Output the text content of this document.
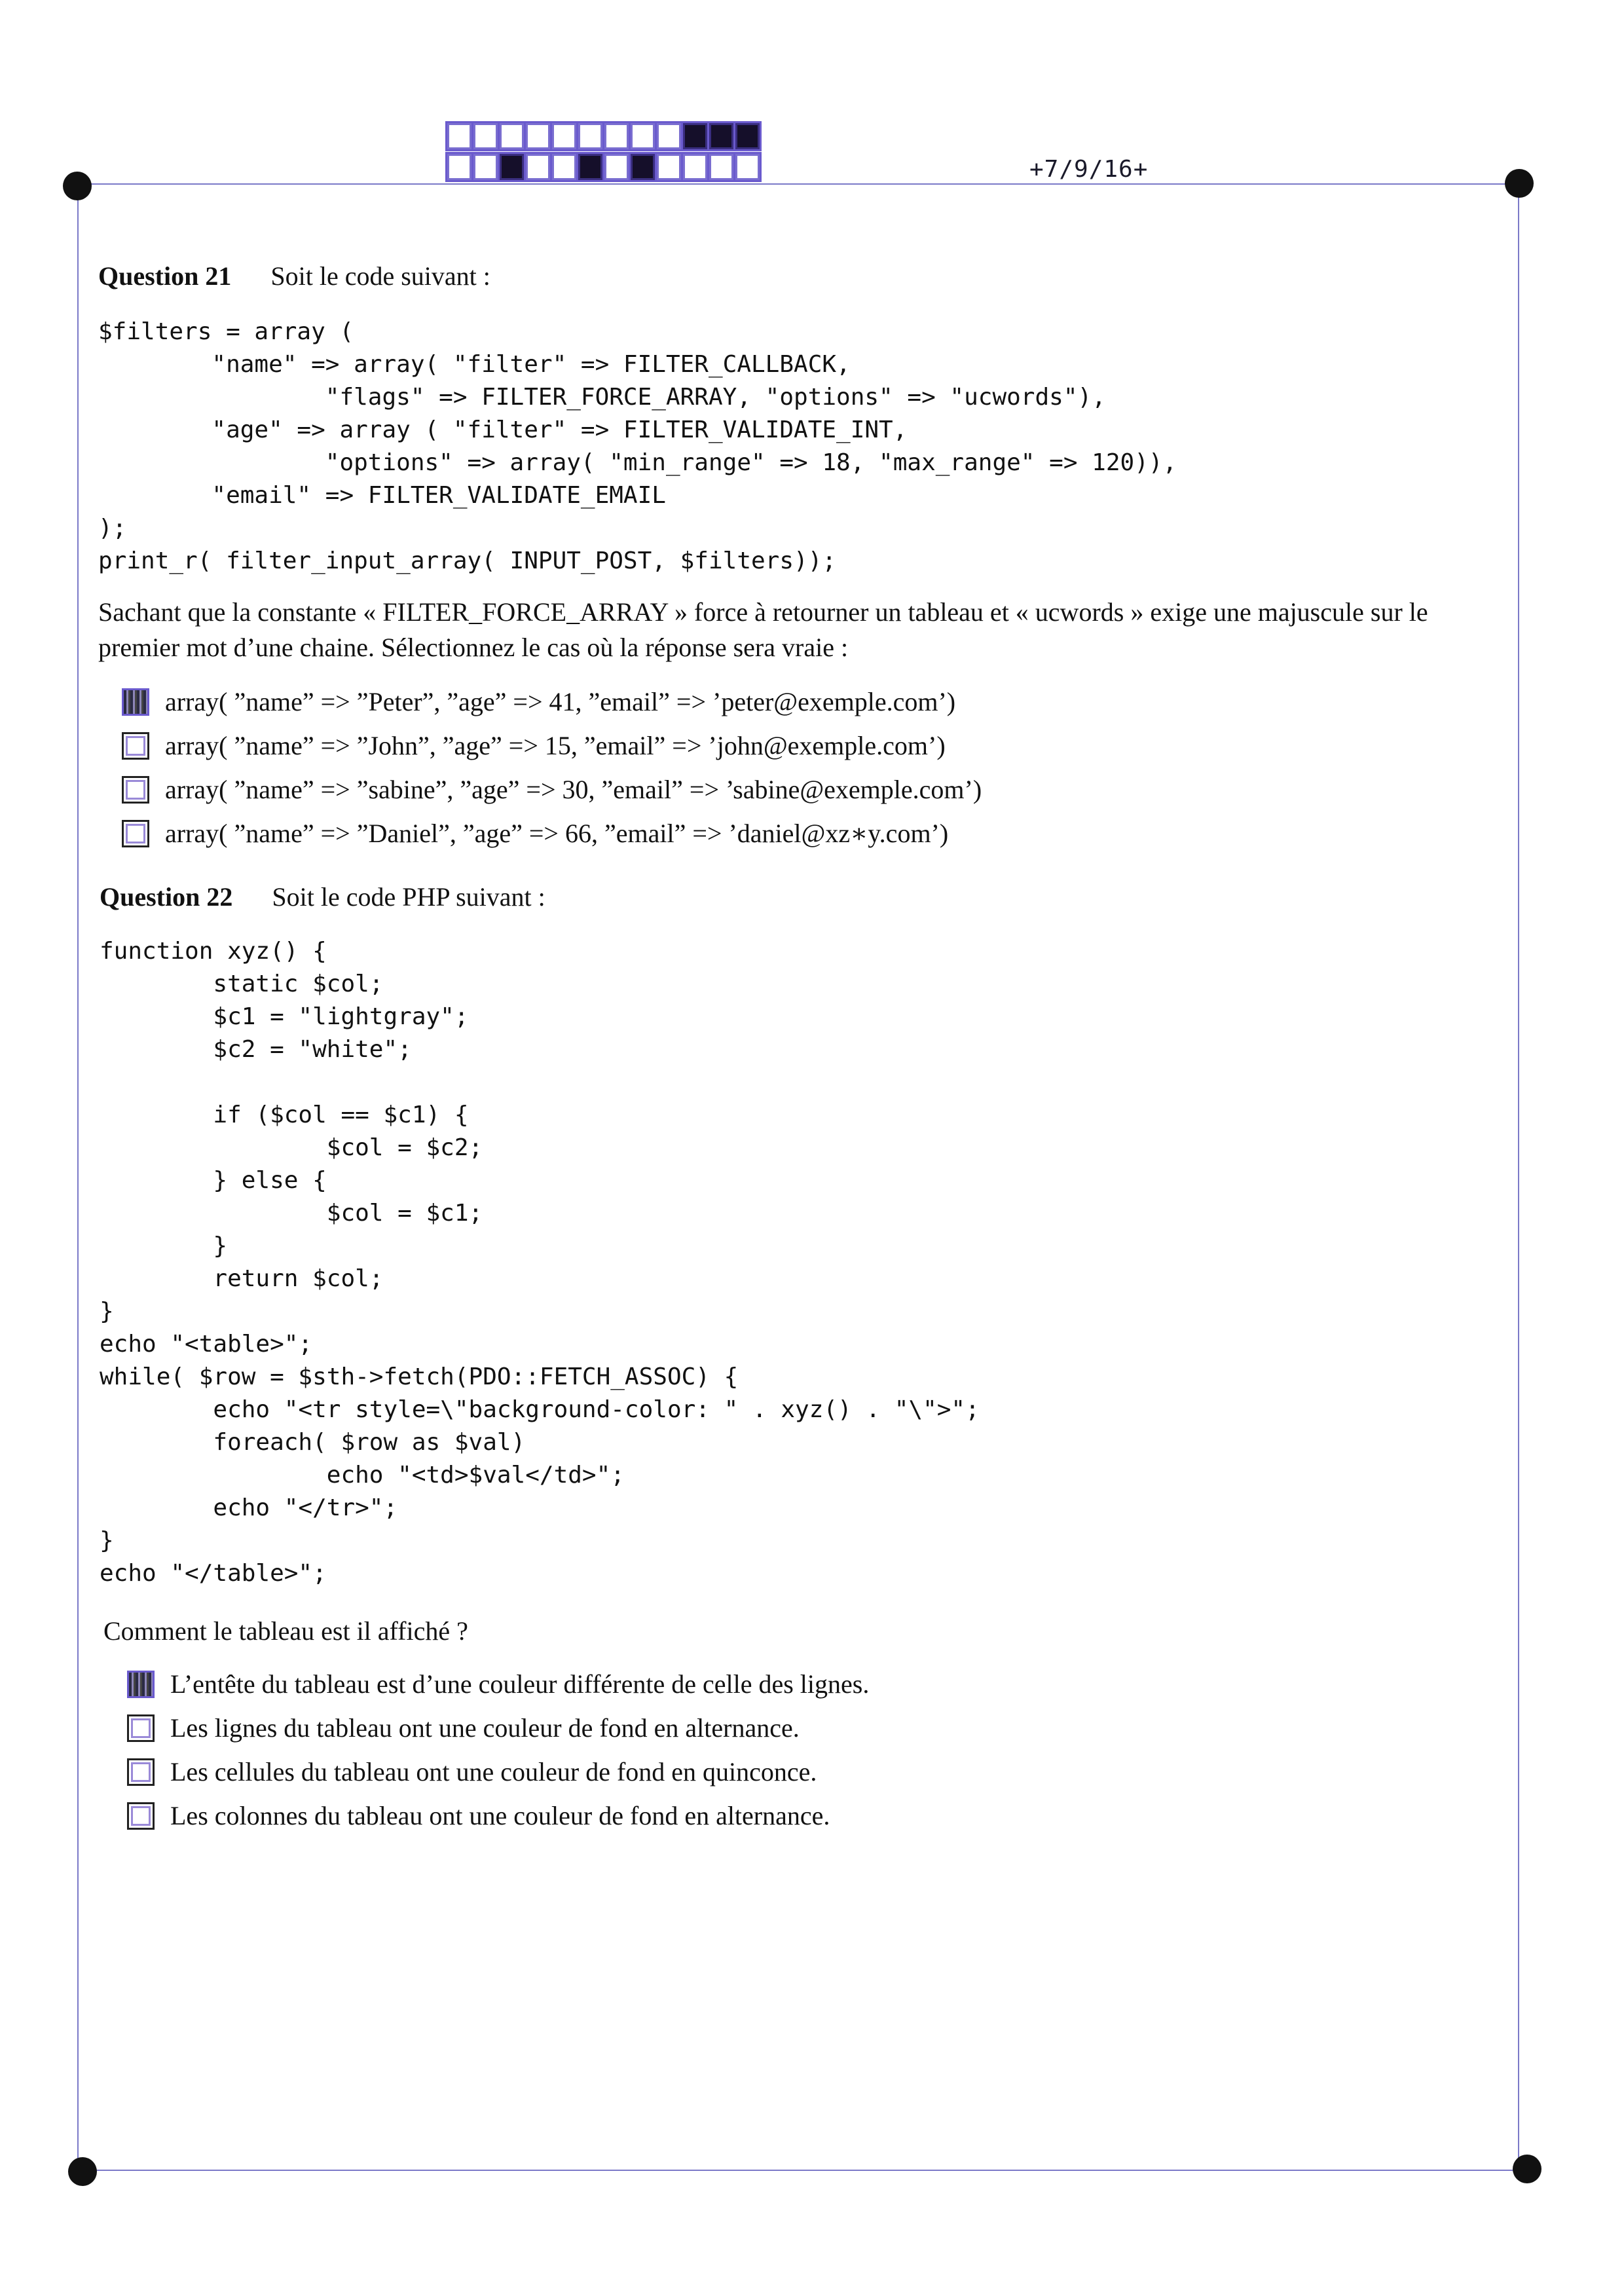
+7/9/16+
Question 21 Soit le code suivant :
$filters = array (
"name" => array( "filter" => FILTER_CALLBACK,
"flags" => FILTER_FORCE_ARRAY, "options" => "ucwords"),
"age" => array ( "filter" => FILTER_VALIDATE_INT,
"options" => array( "min_range" => 18, "max_range" => 120)),
"email" => FILTER_VALIDATE_EMAIL
);
print_r( filter_input_array( INPUT_POST, $filters));
Sachant que la constante « FILTER_FORCE_ARRAY » force à retourner un tableau et « ucwords » exige une majuscule sur le premier mot d’une chaine. Sélectionnez le cas où la réponse sera vraie :
array( ”name” => ”Peter”, ”age” => 41, ”email” => ’peter@exemple.com’)
array( ”name” => ”John”, ”age” => 15, ”email” => ’john@exemple.com’)
array( ”name” => ”sabine”, ”age” => 30, ”email” => ’sabine@exemple.com’)
array( ”name” => ”Daniel”, ”age” => 66, ”email” => ’daniel@xz∗y.com’)
Question 22 Soit le code PHP suivant :
function xyz() {
static $col;
$c1 = "lightgray";
$c2 = "white";

if ($col == $c1) {
$col = $c2;
} else {
$col = $c1;
}
return $col;
}
echo "<table>";
while( $row = $sth->fetch(PDO::FETCH_ASSOC) {
echo "<tr style=\"background-color: " . xyz() . "\">";
foreach( $row as $val)
echo "<td>$val</td>";
echo "</tr>";
}
echo "</table>";
Comment le tableau est il affiché ?
L’entête du tableau est d’une couleur différente de celle des lignes.
Les lignes du tableau ont une couleur de fond en alternance.
Les cellules du tableau ont une couleur de fond en quinconce.
Les colonnes du tableau ont une couleur de fond en alternance.
